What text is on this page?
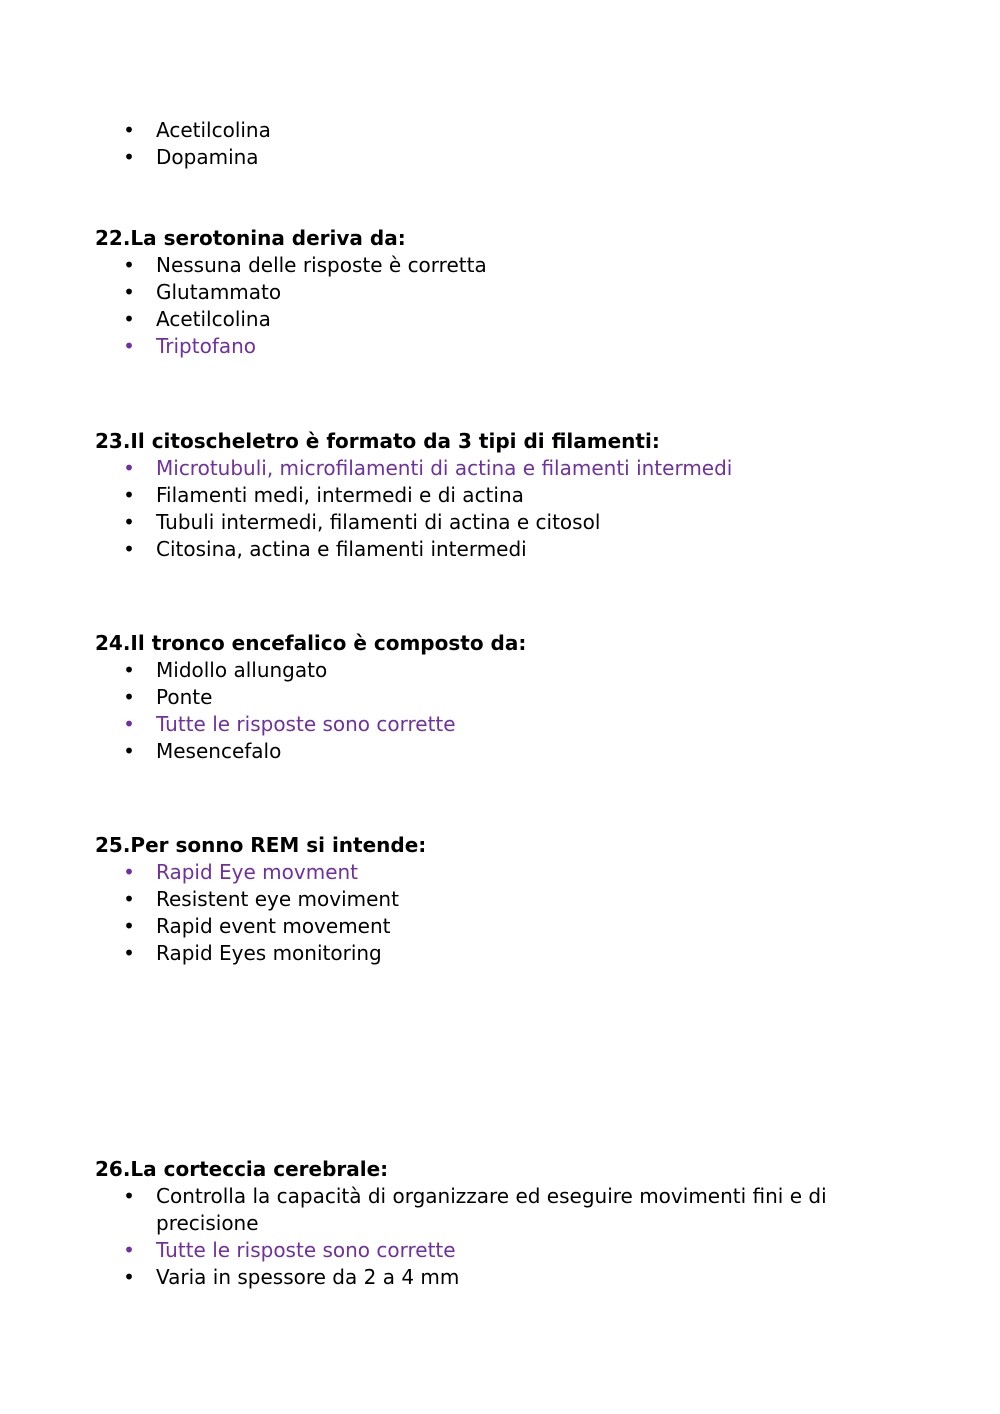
• Acetilcolina
• Dopamina

22.La serotonina deriva da:

• Nessuna delle risposte è corretta
• Glutammato
• Acetilcolina
• Triptofano

23.Il citoscheletro è formato da 3 tipi di filamenti:

• Microtubuli, microfilamenti di actina e filamenti intermedi
• Filamenti medi, intermedi e di actina
• Tubuli intermedi, filamenti di actina e citosol
• Citosina, actina e filamenti intermedi

24.Il tronco encefalico è composto da:

• Midollo allungato
• Ponte
• Tutte le risposte sono corrette
• Mesencefalo

25.Per sonno REM si intende:

• Rapid Eye movment
• Resistent eye moviment
• Rapid event movement
• Rapid Eyes monitoring

26.La corteccia cerebrale:

• Controlla la capacità di organizzare ed eseguire movimenti fini e di precisione
• Tutte le risposte sono corrette
• Varia in spessore da 2 a 4 mm
